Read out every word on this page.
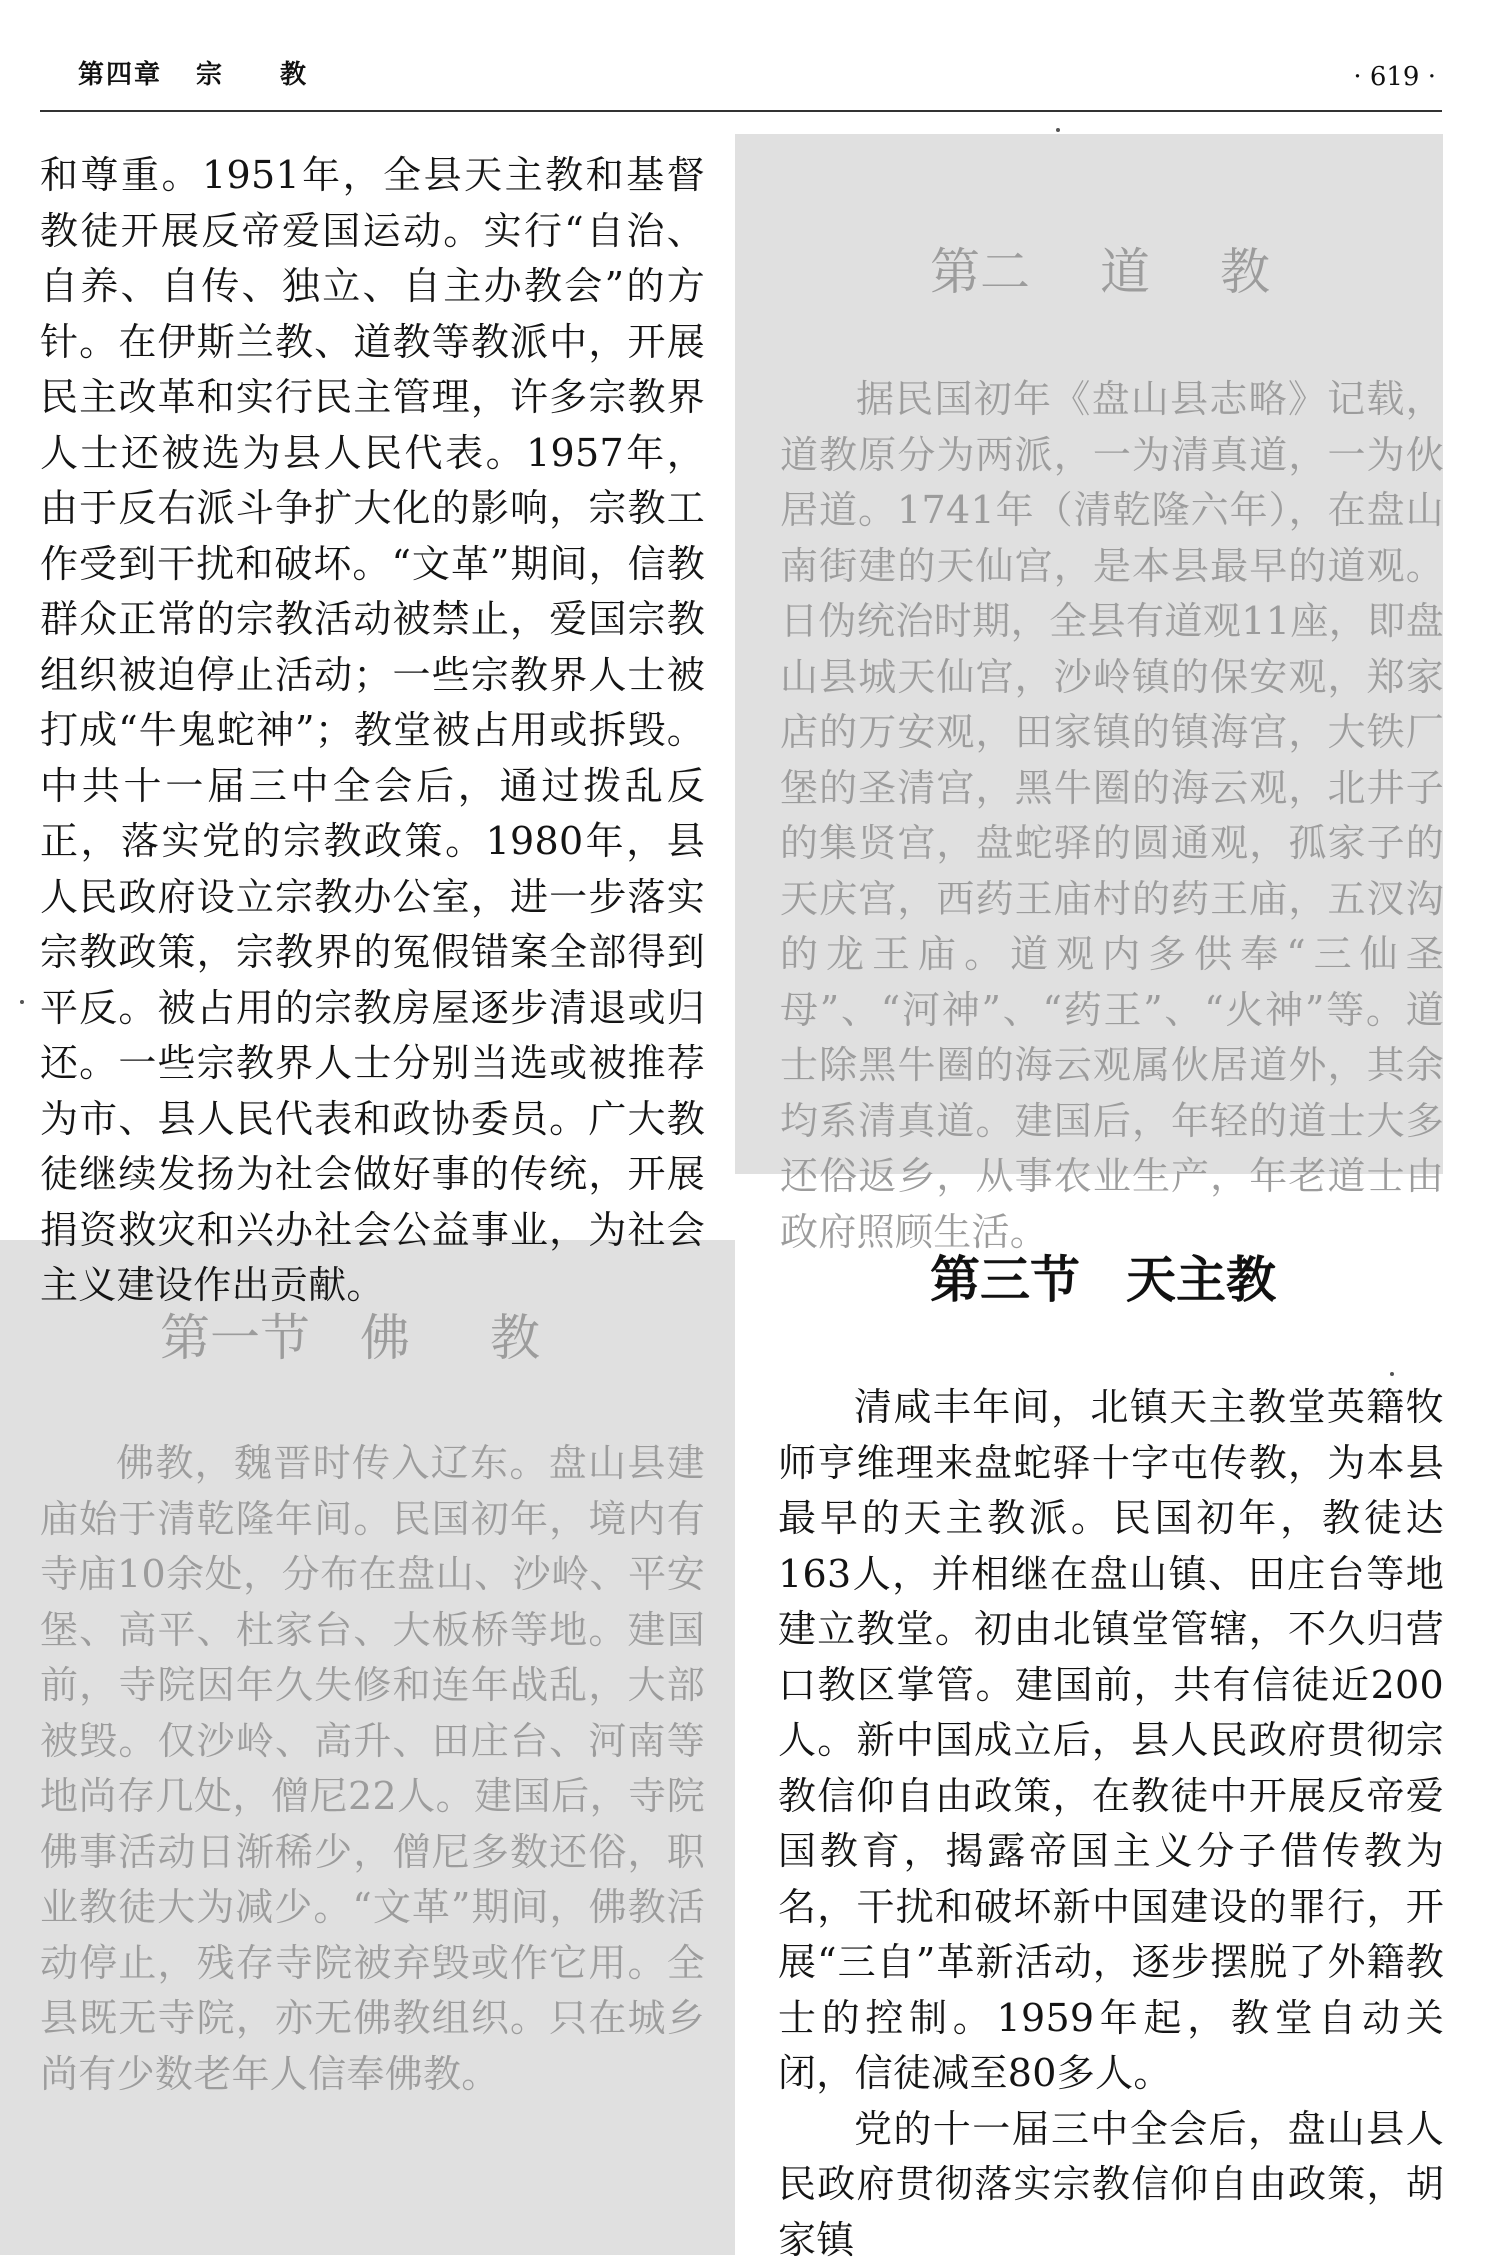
第四章 宗 教	· 619 ·

和尊重。1951年，全县天主教和基督教徒开展反帝爱国运动。实行“自治、自养、自传、独立、自主办教会”的方针。在伊斯兰教、道教等教派中，开展民主改革和实行民主管理，许多宗教界人士还被选为县人民代表。1957年，由于反右派斗争扩大化的影响，宗教工作受到干扰和破坏。“文革”期间，信教群众正常的宗教活动被禁止，爱国宗教组织被迫停止活动；一些宗教界人士被打成“牛鬼蛇神”；教堂被占用或拆毁。中共十一届三中全会后，通过拨乱反正，落实党的宗教政策。1980年，县人民政府设立宗教办公室，进一步落实宗教政策，宗教界的冤假错案全部得到平反。被占用的宗教房屋逐步清退或归还。一些宗教界人士分别当选或被推荐为市、县人民代表和政协委员。广大教徒继续发扬为社会做好事的传统，开展捐资救灾和兴办社会公益事业，为社会主义建设作出贡献。

第二 道 教

据民国初年《盘山县志略》记载，道教原分为两派，一为清真道，一为伙居道。1741年（清乾隆六年），在盘山南街建的天仙宫，是本县最早的道观。日伪统治时期，全县有道观11座，即盘山县城天仙宫，沙岭镇的保安观，郑家店的万安观，田家镇的镇海宫，大铁厂堡的圣清宫，黑牛圈的海云观，北井子的集贤宫，盘蛇驿的圆通观，孤家子的天庆宫，西药王庙村的药王庙，五汊沟的龙王庙。道观内多供奉“三仙圣母”、“河神”、“药王”、“火神”等。道士除黑牛圈的海云观属伙居道外，其余均系清真道。建国后，年轻的道士大多还俗返乡，从事农业生产，年老道士由政府照顾生活。

第一节 佛 教

佛教，魏晋时传入辽东。盘山县建庙始于清乾隆年间。民国初年，境内有寺庙10余处，分布在盘山、沙岭、平安堡、高平、杜家台、大板桥等地。建国前，寺院因年久失修和连年战乱，大部被毁。仅沙岭、高升、田庄台、河南等地尚存几处，僧尼22人。建国后，寺院佛事活动日渐稀少，僧尼多数还俗，职业教徒大为减少。“文革”期间，佛教活动停止，残存寺院被弃毁或作它用。全县既无寺院，亦无佛教组织。只在城乡尚有少数老年人信奉佛教。

第三节 天主教

清咸丰年间，北镇天主教堂英籍牧师亨维理来盘蛇驿十字屯传教，为本县最早的天主教派。民国初年，教徒达163人，并相继在盘山镇、田庄台等地建立教堂。初由北镇堂管辖，不久归营口教区掌管。建国前，共有信徒近200人。新中国成立后，县人民政府贯彻宗教信仰自由政策，在教徒中开展反帝爱国教育，揭露帝国主义分子借传教为名，干扰和破坏新中国建设的罪行，开展“三自”革新活动，逐步摆脱了外籍教士的控制。1959年起，教堂自动关闭，信徒减至80多人。

党的十一届三中全会后，盘山县人民政府贯彻落实宗教信仰自由政策，胡家镇
